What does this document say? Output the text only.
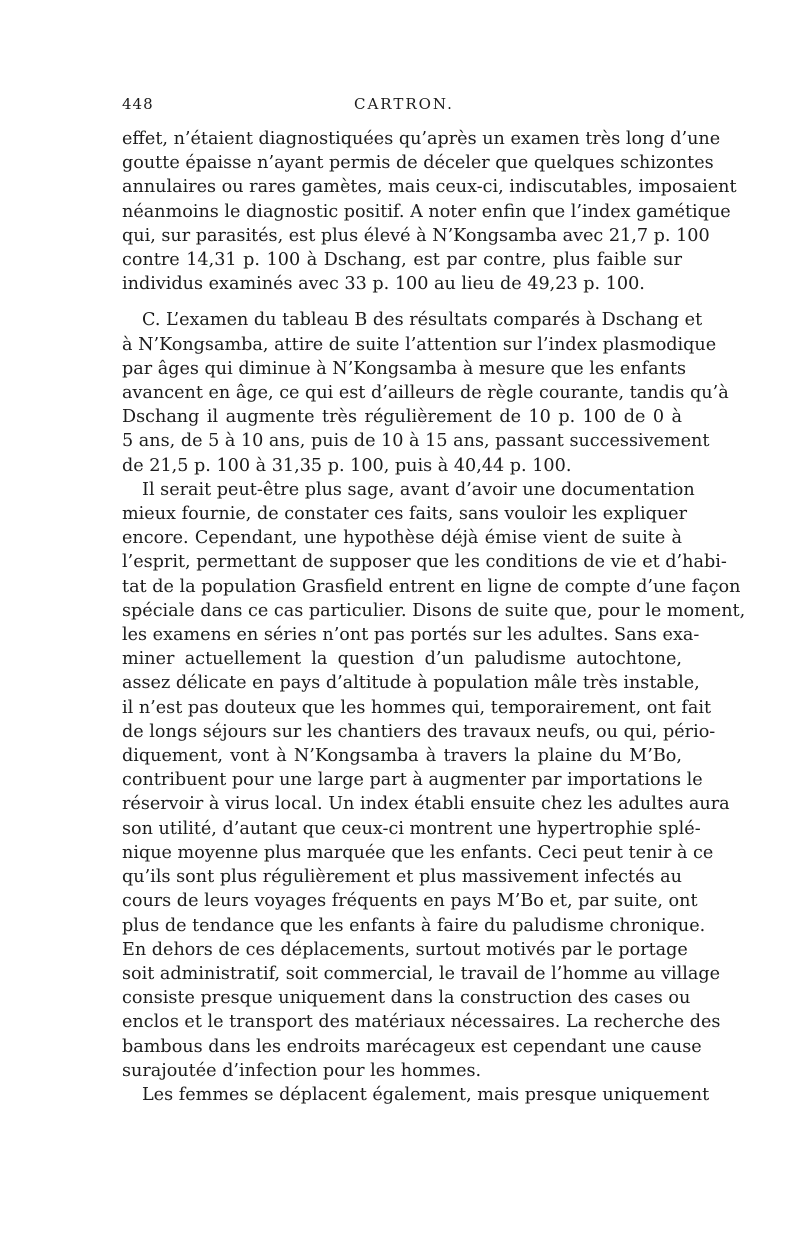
448	CARTRON.
effet, n’étaient diagnostiquées qu’après un examen très long d’une
goutte épaisse n’ayant permis de déceler que quelques schizontes
annulaires ou rares gamètes, mais ceux-ci, indiscutables, imposaient
néanmoins le diagnostic positif. A noter enfin que l’index gamétique
qui, sur parasités, est plus élevé à N’Kongsamba avec 21,7 p. 100
contre 14,31 p. 100 à Dschang, est par contre, plus faible sur
individus examinés avec 33 p. 100 au lieu de 49,23 p. 100.
C. L’examen du tableau B des résultats comparés à Dschang et
à N’Kongsamba, attire de suite l’attention sur l’index plasmodique
par âges qui diminue à N’Kongsamba à mesure que les enfants
avancent en âge, ce qui est d’ailleurs de règle courante, tandis qu’à
Dschang il augmente très régulièrement de 10 p. 100 de 0 à
5 ans, de 5 à 10 ans, puis de 10 à 15 ans, passant successivement
de 21,5 p. 100 à 31,35 p. 100, puis à 40,44 p. 100.
Il serait peut-être plus sage, avant d’avoir une documentation
mieux fournie, de constater ces faits, sans vouloir les expliquer
encore. Cependant, une hypothèse déjà émise vient de suite à
l’esprit, permettant de supposer que les conditions de vie et d’habi-
tat de la population Grasfield entrent en ligne de compte d’une façon
spéciale dans ce cas particulier. Disons de suite que, pour le moment,
les examens en séries n’ont pas portés sur les adultes. Sans exa-
miner actuellement la question d’un paludisme autochtone,
assez délicate en pays d’altitude à population mâle très instable,
il n’est pas douteux que les hommes qui, temporairement, ont fait
de longs séjours sur les chantiers des travaux neufs, ou qui, pério-
diquement, vont à N’Kongsamba à travers la plaine du M’Bo,
contribuent pour une large part à augmenter par importations le
réservoir à virus local. Un index établi ensuite chez les adultes aura
son utilité, d’autant que ceux-ci montrent une hypertrophie splé-
nique moyenne plus marquée que les enfants. Ceci peut tenir à ce
qu’ils sont plus régulièrement et plus massivement infectés au
cours de leurs voyages fréquents en pays M’Bo et, par suite, ont
plus de tendance que les enfants à faire du paludisme chronique.
En dehors de ces déplacements, surtout motivés par le portage
soit administratif, soit commercial, le travail de l’homme au village
consiste presque uniquement dans la construction des cases ou
enclos et le transport des matériaux nécessaires. La recherche des
bambous dans les endroits marécageux est cependant une cause
surajoutée d’infection pour les hommes.
Les femmes se déplacent également, mais presque uniquement
